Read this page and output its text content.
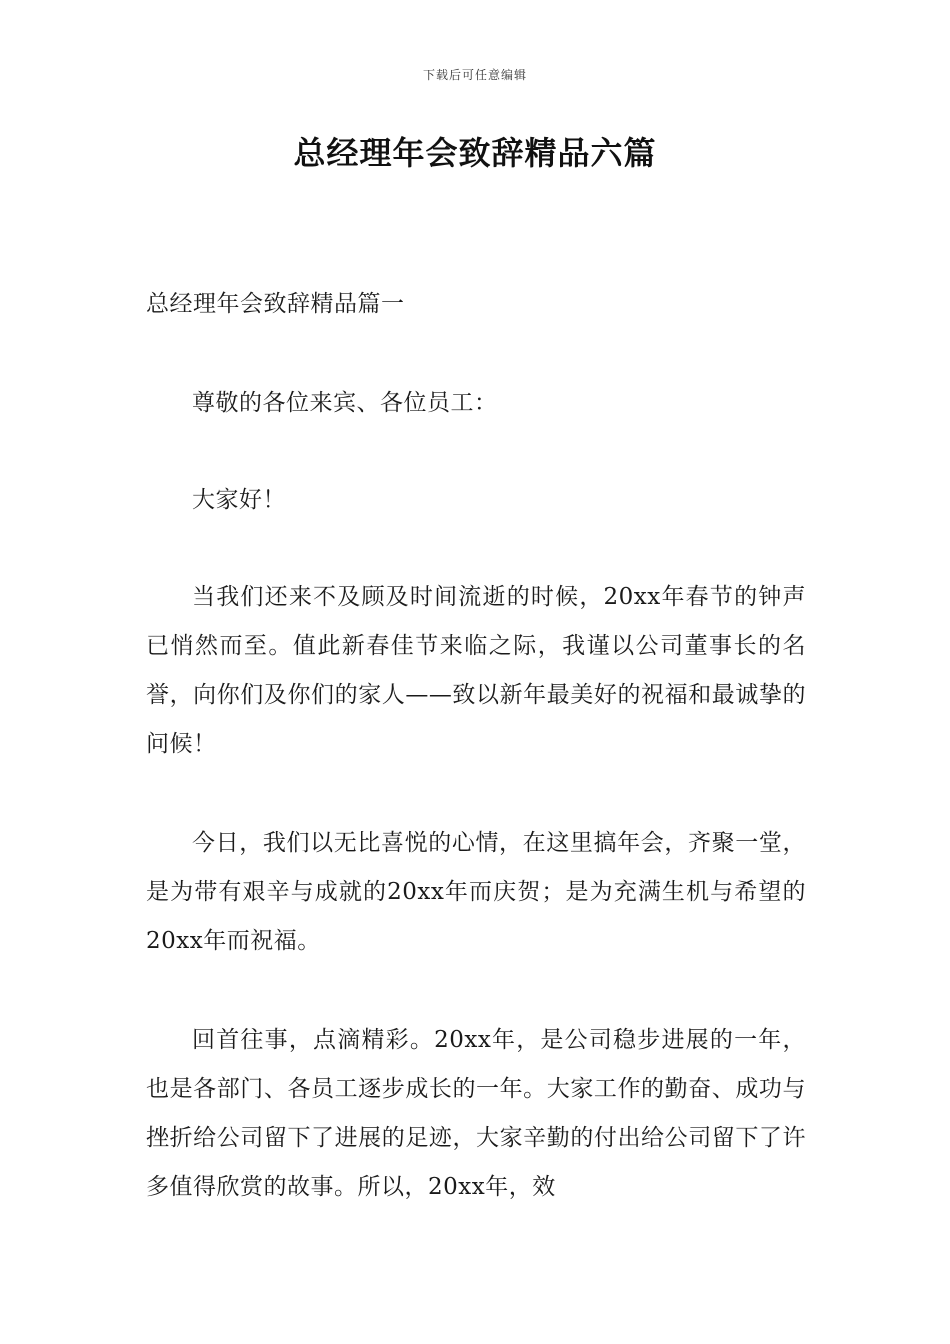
下载后可任意编辑
总经理年会致辞精品六篇

总经理年会致辞精品篇一

尊敬的各位来宾、各位员工：

大家好！

当我们还来不及顾及时间流逝的时候，20xx年春节的钟声已悄然而至。值此新春佳节来临之际，我谨以公司董事长的名誉，向你们及你们的家人——致以新年最美好的祝福和最诚挚的问候！

今日，我们以无比喜悦的心情，在这里搞年会，齐聚一堂，是为带有艰辛与成就的20xx年而庆贺；是为充满生机与希望的20xx年而祝福。

回首往事，点滴精彩。20xx年，是公司稳步进展的一年，也是各部门、各员工逐步成长的一年。大家工作的勤奋、成功与挫折给公司留下了进展的足迹，大家辛勤的付出给公司留下了许多值得欣赏的故事。所以，20xx年，效
